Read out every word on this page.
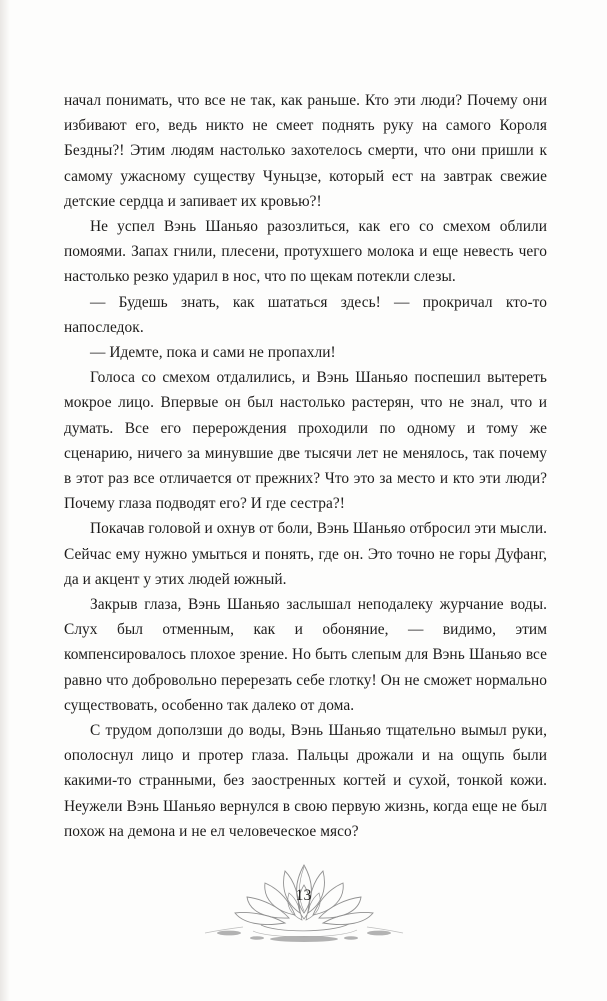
начал понимать, что все не так, как раньше. Кто эти люди? Почему они избивают его, ведь никто не смеет поднять руку на самого Короля Бездны?! Этим людям настолько захотелось смерти, что они пришли к самому ужасному существу Чуньцзе, который ест на завтрак свежие детские сердца и запивает их кровью?!

Не успел Вэнь Шаньяо разозлиться, как его со смехом облили помоями. Запах гнили, плесени, протухшего молока и еще невесть чего настолько резко ударил в нос, что по щекам потекли слезы.

— Будешь знать, как шататься здесь! — прокричал кто-то напоследок.

— Идемте, пока и сами не пропахли!

Голоса со смехом отдалились, и Вэнь Шаньяо поспешил вытереть мокрое лицо. Впервые он был настолько растерян, что не знал, что и думать. Все его перерождения проходили по одному и тому же сценарию, ничего за минувшие две тысячи лет не менялось, так почему в этот раз все отличается от прежних? Что это за место и кто эти люди? Почему глаза подводят его? И где сестра?!

Покачав головой и охнув от боли, Вэнь Шаньяо отбросил эти мысли. Сейчас ему нужно умыться и понять, где он. Это точно не горы Дуфанг, да и акцент у этих людей южный.

Закрыв глаза, Вэнь Шаньяо заслышал неподалеку журчание воды. Слух был отменным, как и обоняние, — видимо, этим компенсировалось плохое зрение. Но быть слепым для Вэнь Шаньяо все равно что добровольно перерезать себе глотку! Он не сможет нормально существовать, особенно так далеко от дома.

С трудом доползши до воды, Вэнь Шаньяо тщательно вымыл руки, ополоснул лицо и протер глаза. Пальцы дрожали и на ощупь были какими-то странными, без заостренных когтей и сухой, тонкой кожи. Неужели Вэнь Шаньяо вернулся в свою первую жизнь, когда еще не был похож на демона и не ел человеческое мясо?

13
